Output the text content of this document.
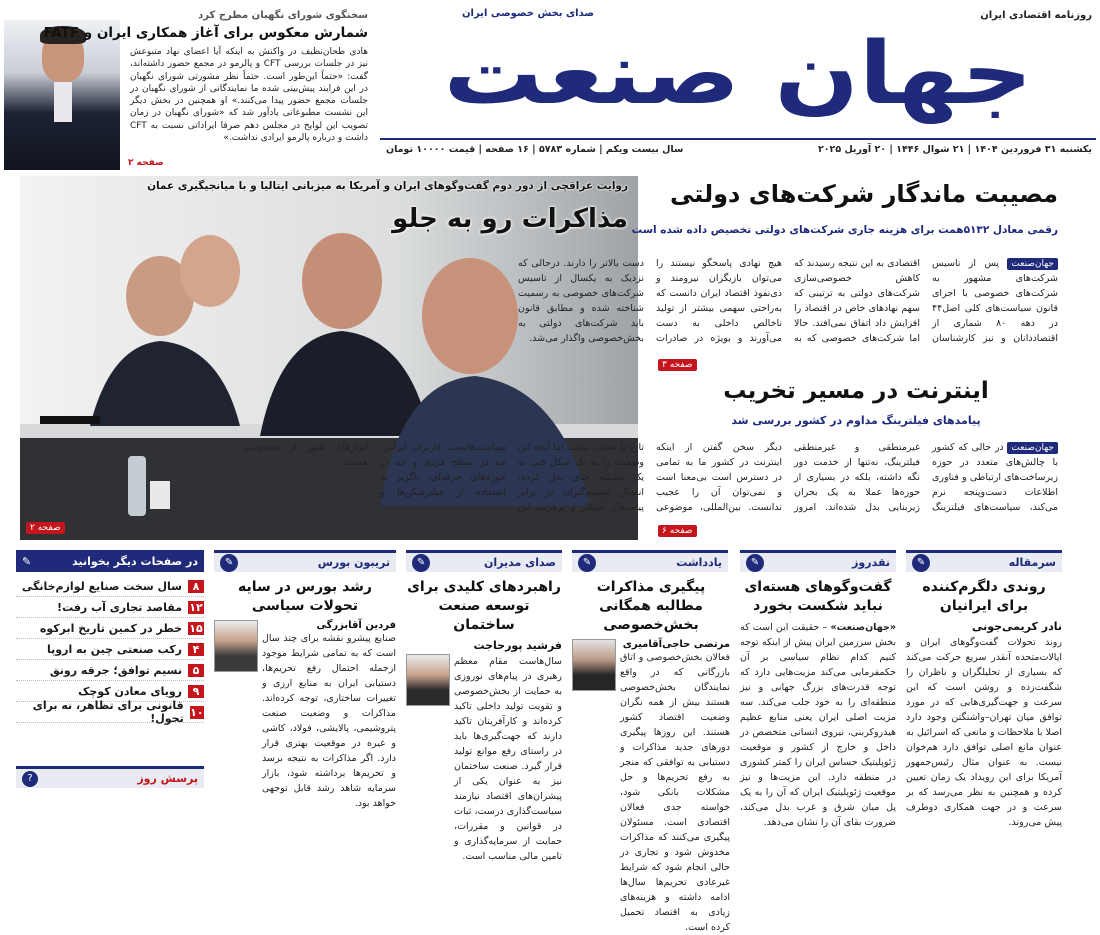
روزنامه اقتصادی ایران
صدای بخش خصوصی ایران
جهان صنعت
یکشنبه ۳۱ فروردین ۱۴۰۴ | ۲۱ شوال ۱۴۴۶ | ۲۰ آوریل ۲۰۲۵
سال بیست ویکم | شماره ۵۷۸۳ | ۱۶ صفحه | قیمت ۱۰۰۰۰ تومان
سخنگوی شورای نگهبان مطرح کرد
شمارش معکوس برای آغاز همکاری ایران و FATF
هادی طحان‌نظیف در واکنش به اینکه آیا اعضای نهاد متبوعش نیز در جلسات بررسی CFT و پالرمو در مجمع حضور داشته‌اند، گفت: «حتماً این‌طور است. حتماً نظر مشورتی شورای نگهبان در این فرایند پیش‌بینی شده ما نمایندگانی از شورای نگهبان در جلسات مجمع حضور پیدا می‌کنند.» او همچنین در بخش دیگر این نشست مطبوعاتی یادآور شد که «شورای نگهبان در زمان تصویب این لوایح در مجلس دهم صرفا ایراداتی نسبت به CFT داشت و درباره پالرمو ایرادی نداشت.»
صفحه ۲
روایت عراقچی از دور دوم گفت‌وگوهای ایران و آمریکا به میزبانی ایتالیا و با میانجیگیری عمان
مذاکرات رو به جلو
صفحه ۲
مصیبت ماندگار شرکت‌های دولتی
رقمی معادل ۵۱۳۲همت برای هزینه جاری شرکت‌های دولتی تخصیص داده شده است
جهان‌صنعت پس از تاسیس شرکت‌های مشهور به شرکت‌های خصوصی با اجرای قانون سیاست‌های کلی اصل۴۴ در دهه ۸۰ شماری از اقتصاددانان و نیز کارشناسان اقتصادی به این نتیجه رسیدند که کاهش خصوصی‌سازی شرکت‌های دولتی به ترتیبی که سهم نهادهای خاص در اقتصاد را افزایش داد اتفاق نمی‌افتد. حالا اما شرکت‌های خصوصی که به هیچ نهادی پاسخگو نیستند را می‌توان بازیگران نیرومند و ذی‌نفوذ اقتصاد ایران دانست که به‌راحتی سهمی بیشتر از تولید ناخالص داخلی به دست می‌آورند و بویژه در صادرات دست بالاتر را دارند. درحالی که نزدیک به یکسال از تاسیس شرکت‌های خصوصی به رسمیت شناخته شده و مطابق قانون باید شرکت‌های دولتی به بخش‌خصوصی واگذار می‌شد.
صفحه ۳
اینترنت در مسیر تخریب
پیامدهای فیلترینگ مداوم در کشور بررسی شد
جهان‌صنعت در حالی که کشور با چالش‌های متعدد در حوزه زیرساخت‌های ارتباطی و فناوری اطلاعات دست‌وپنجه نرم می‌کند، سیاست‌های فیلترینگ غیرمنطقی و غیرمنطقی فیلترینگ، نه‌تنها از خدمت دور نگه داشته، بلکه در بسیاری از حوزه‌ها عملا به یک بحران زیربنایی بدل شده‌اند. امروز دیگر سخن گفتن از اینکه اینترنت در کشور ما به تمامی در دسترس است بی‌معنا است و نمی‌توان آن را عجیب ندانست. بین‌المللی، موضوعی تازه یا عجیب نیست اما آنچه این وضعیت را به یک شکل فنی به یک مسئله جدی بدل کرده، انفعال تصمیم‌گیران در برابر پیامدهای آشکار و پرهزینه این سیاست‌هاست. کاربران ایرانی، چه در سطح فردی و چه در حوزه‌های حرفه‌ای، ناگزیر به استفاده از فیلترشکن‌ها و ابزارهای عبور از محدودیت هستند.
صفحه ۶
سرمقاله
✎
روندی دلگرم‌کننده برای ایرانیان
نادر کریمی‌جونی
روند تحولات گفت‌وگوهای ایران و ایالات‌متحده آنقدر سریع حرکت می‌کند که بسیاری از تحلیلگران و ناظران را شگفت‌زده و روشن است که این سرعت و جهت‌گیری‌هایی که در مورد توافق میان تهران–واشنگتن وجود دارد اصلا با ملاحظات و مانعی که اسرائیل به عنوان مانع اصلی توافق دارد هم‌خوان نیست. به عنوان مثال رئیس‌جمهور آمریکا برای این رویداد یک زمان تعیین کرده و همچنین به نظر می‌رسد که بر سرعت و در جهت همکاری دوطرف پیش می‌روند.
نقدروز
✎
گفت‌وگوهای هسته‌ای نباید شکست بخورد
«جهان‌صنعت» – حقیقت این است که بخش سرزمین ایران پیش از اینکه توجه کنیم کدام نظام سیاسی بر آن حکمفرمایی می‌کند مزیت‌هایی دارد که توجه قدرت‌های بزرگ جهانی و نیز منطقه‌ای را به خود جلب می‌کند. سه مزیت اصلی ایران یعنی منابع عظیم هیدروکربنی، نیروی انسانی متخصص در داخل و خارج از کشور و موقعیت ژئوپلیتیک حساس ایران را کمتر کشوری در منطقه دارد. این مزیت‌ها و نیز موقعیت ژئوپلیتیک ایران که آن را به یک پل میان شرق و غرب بدل می‌کند، ضرورت بقای آن را نشان می‌دهد.
یادداشت
✎
پیگیری مذاکرات مطالبه همگانی بخش‌خصوصی
مرتضی حاجی‌آقامیری
فعالان بخش‌خصوصی و اتاق بازرگانی که در واقع نمایندگان بخش‌خصوصی هستند بیش از همه نگران وضعیت اقتصاد کشور هستند. این روزها پیگیری دورهای جدید مذاکرات و دستیابی به توافقی که منجر به رفع تحریم‌ها و حل مشکلات بانکی شود، خواسته جدی فعالان اقتصادی است. مسئولان پیگیری می‌کنند که مذاکرات مخدوش شود و تجاری در حالی انجام شود که شرایط غیرعادی تحریم‌ها سال‌ها ادامه داشته و هزینه‌های زیادی به اقتصاد تحمیل کرده است.
صدای مدیران
✎
راهبردهای کلیدی برای توسعه صنعت ساختمان
فرشید پورحاجت
سال‌هاست مقام معظم رهبری در پیام‌های نوروزی به حمایت از بخش‌خصوصی و تقویت تولید داخلی تاکید کرده‌اند و کارآفرینان تاکید دارند که جهت‌گیری‌ها باید در راستای رفع موانع تولید قرار گیرد. صنعت ساختمان نیز به عنوان یکی از پیشران‌های اقتصاد نیازمند سیاست‌گذاری درست، ثبات در قوانین و مقررات، حمایت از سرمایه‌گذاری و تامین مالی مناسب است.
تریبون بورس
✎
رشد بورس در سایه تحولات سیاسی
فردین آقابزرگی
صنایع پیشرو نقشه برای چند سال است که به تمامی شرایط موجود ازجمله احتمال رفع تحریم‌ها، دستیابی ایران به منابع ارزی و تغییرات ساختاری، توجه کرده‌اند. مذاکرات و وضعیت صنعت پتروشیمی، پالایشی، فولاد، کاشی و غیره در موقعیت بهتری قرار دارد. اگر مذاکرات به نتیجه برسد و تحریم‌ها برداشته شود، بازار سرمایه شاهد رشد قابل توجهی خواهد بود.
در صفحات دیگر بخوانید
✎
۸
سال سخت صنایع لوازم‌خانگی
۱۲
مقاصد تجاری آب رفت!
۱۵
خطر در کمین تاریخ ابرکوه
۴
رکب صنعتی چین به اروپا
۵
نسیم توافق؛ جرقه رونق
۹
رویای معادن کوچک
۱۰
قانونی برای تظاهر، نه برای تحول!
پرسش روز
?
